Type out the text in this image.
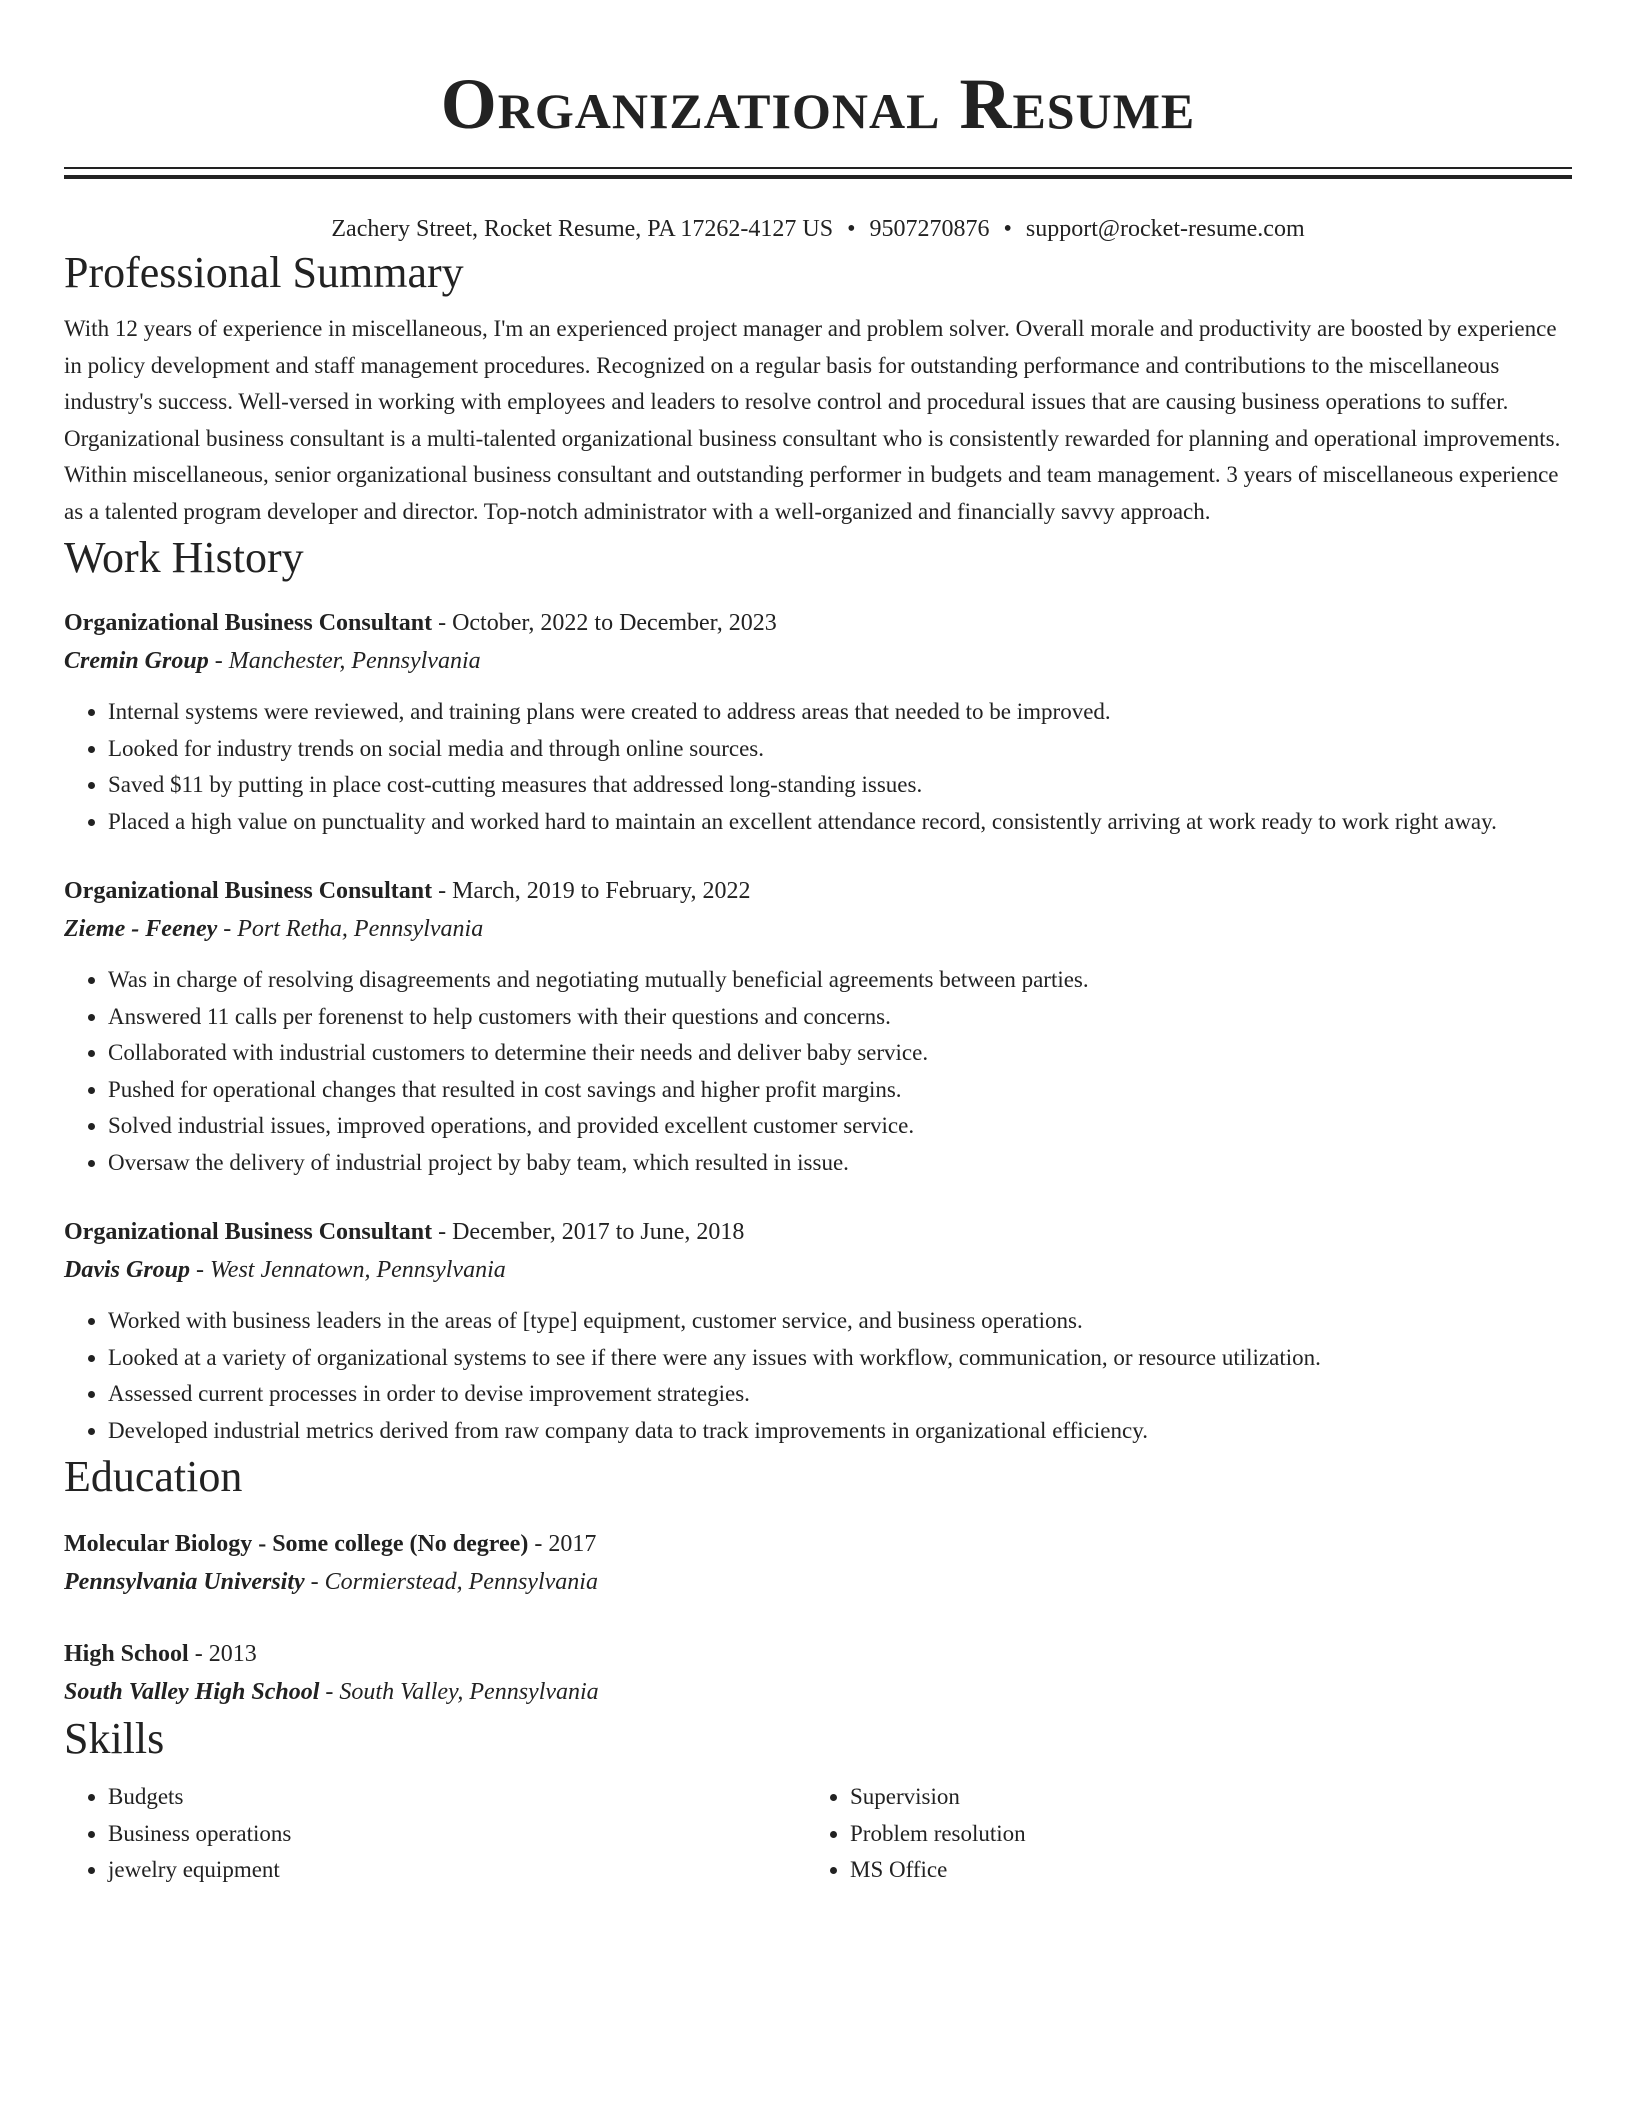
Organizational Resume
Zachery Street, Rocket Resume, PA 17262-4127 US • 9507270876 • support@rocket-resume.com
Professional Summary
With 12 years of experience in miscellaneous, I'm an experienced project manager and problem solver. Overall morale and productivity are boosted by experience in policy development and staff management procedures. Recognized on a regular basis for outstanding performance and contributions to the miscellaneous industry's success. Well-versed in working with employees and leaders to resolve control and procedural issues that are causing business operations to suffer. Organizational business consultant is a multi-talented organizational business consultant who is consistently rewarded for planning and operational improvements. Within miscellaneous, senior organizational business consultant and outstanding performer in budgets and team management. 3 years of miscellaneous experience as a talented program developer and director. Top-notch administrator with a well-organized and financially savvy approach.
Work History
Organizational Business Consultant - October, 2022 to December, 2023
Cremin Group - Manchester, Pennsylvania
• Internal systems were reviewed, and training plans were created to address areas that needed to be improved.
• Looked for industry trends on social media and through online sources.
• Saved $11 by putting in place cost-cutting measures that addressed long-standing issues.
• Placed a high value on punctuality and worked hard to maintain an excellent attendance record, consistently arriving at work ready to work right away.
Organizational Business Consultant - March, 2019 to February, 2022
Zieme - Feeney - Port Retha, Pennsylvania
• Was in charge of resolving disagreements and negotiating mutually beneficial agreements between parties.
• Answered 11 calls per forenenst to help customers with their questions and concerns.
• Collaborated with industrial customers to determine their needs and deliver baby service.
• Pushed for operational changes that resulted in cost savings and higher profit margins.
• Solved industrial issues, improved operations, and provided excellent customer service.
• Oversaw the delivery of industrial project by baby team, which resulted in issue.
Organizational Business Consultant - December, 2017 to June, 2018
Davis Group - West Jennatown, Pennsylvania
• Worked with business leaders in the areas of [type] equipment, customer service, and business operations.
• Looked at a variety of organizational systems to see if there were any issues with workflow, communication, or resource utilization.
• Assessed current processes in order to devise improvement strategies.
• Developed industrial metrics derived from raw company data to track improvements in organizational efficiency.
Education
Molecular Biology - Some college (No degree) - 2017
Pennsylvania University - Cormierstead, Pennsylvania
High School - 2013
South Valley High School - South Valley, Pennsylvania
Skills
• Budgets
• Business operations
• jewelry equipment
• Supervision
• Problem resolution
• MS Office
